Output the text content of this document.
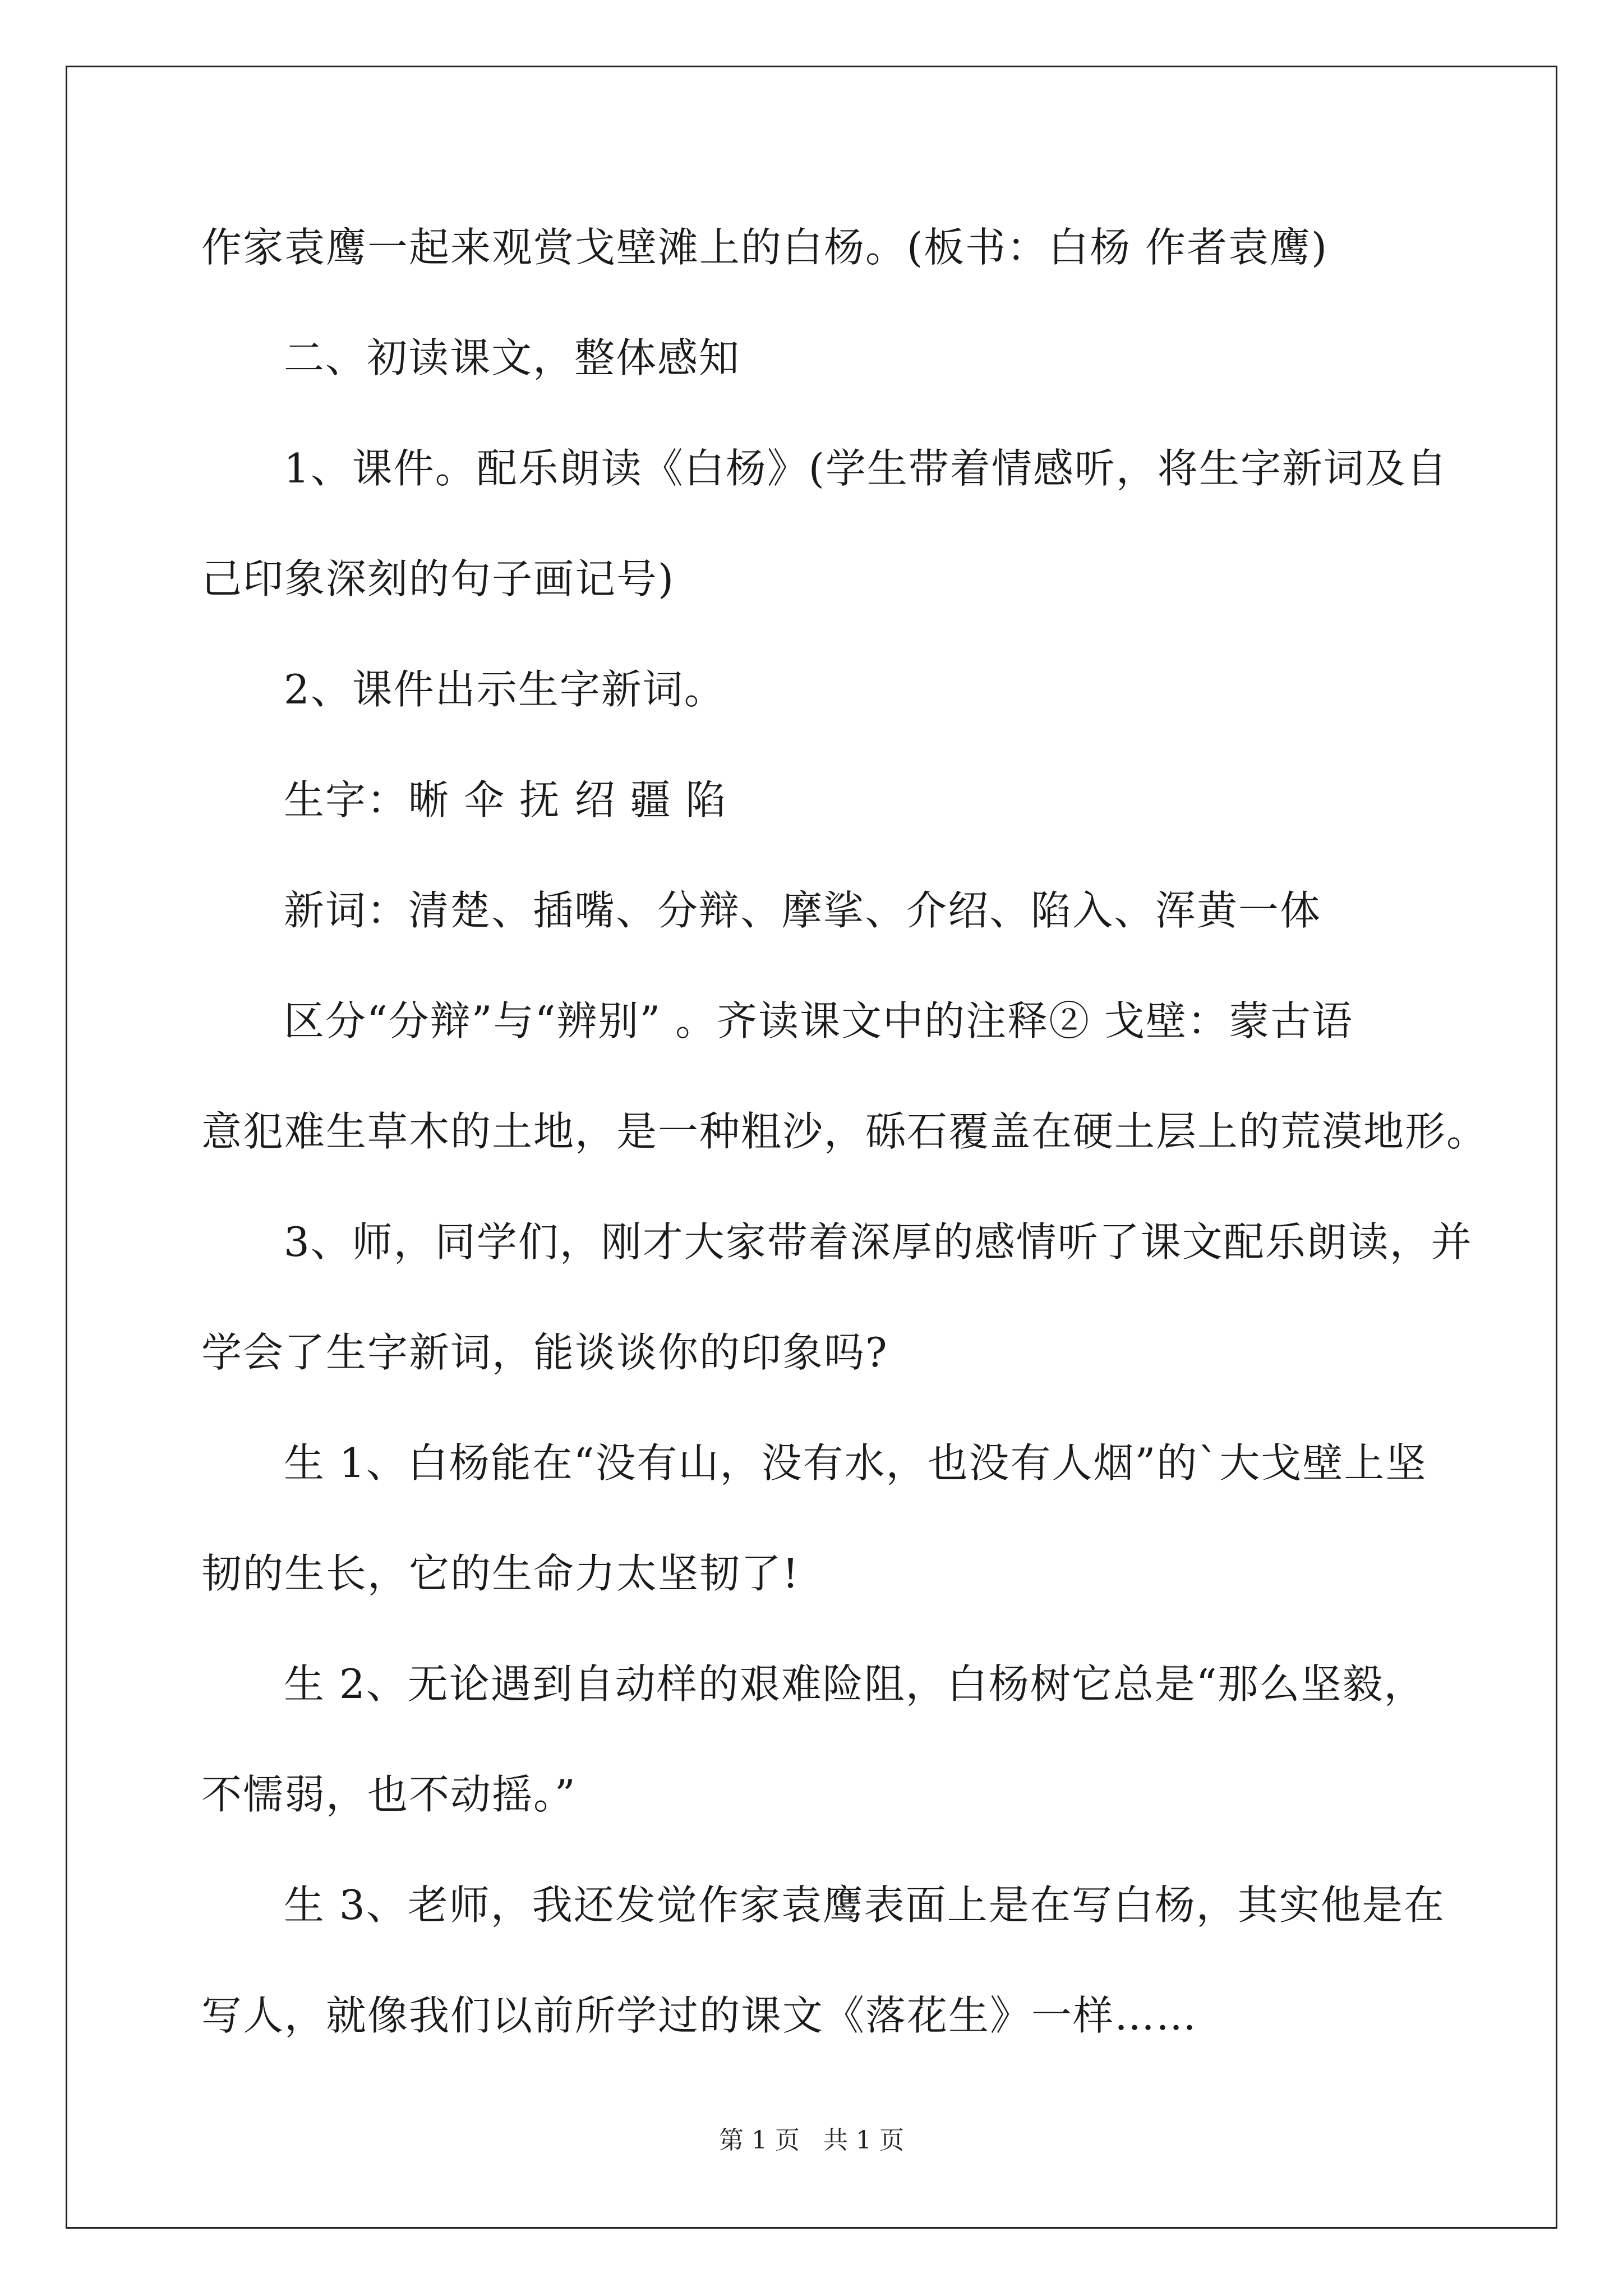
作家袁鹰一起来观赏戈壁滩上的白杨。(板书：白杨 作者袁鹰)
二、初读课文，整体感知
1、课件。配乐朗读《白杨》(学生带着情感听，将生字新词及自
己印象深刻的句子画记号)
2、课件出示生字新词。
生字：晰 伞 抚 绍 疆 陷
新词：清楚、插嘴、分辩、摩挲、介绍、陷入、浑黄一体
区分“分辩”与“辨别” 。齐读课文中的注释② 戈壁：蒙古语
意犯难生草木的土地，是一种粗沙，砾石覆盖在硬土层上的荒漠地形。
3、师，同学们，刚才大家带着深厚的感情听了课文配乐朗读，并
学会了生字新词，能谈谈你的印象吗?
生 1、白杨能在“没有山，没有水，也没有人烟”的`大戈壁上坚
韧的生长，它的生命力太坚韧了!
生 2、无论遇到自动样的艰难险阻，白杨树它总是“那么坚毅，
不懦弱，也不动摇。”
生 3、老师，我还发觉作家袁鹰表面上是在写白杨，其实他是在
写人，就像我们以前所学过的课文《落花生》一样……
第 1 页   共 1 页
